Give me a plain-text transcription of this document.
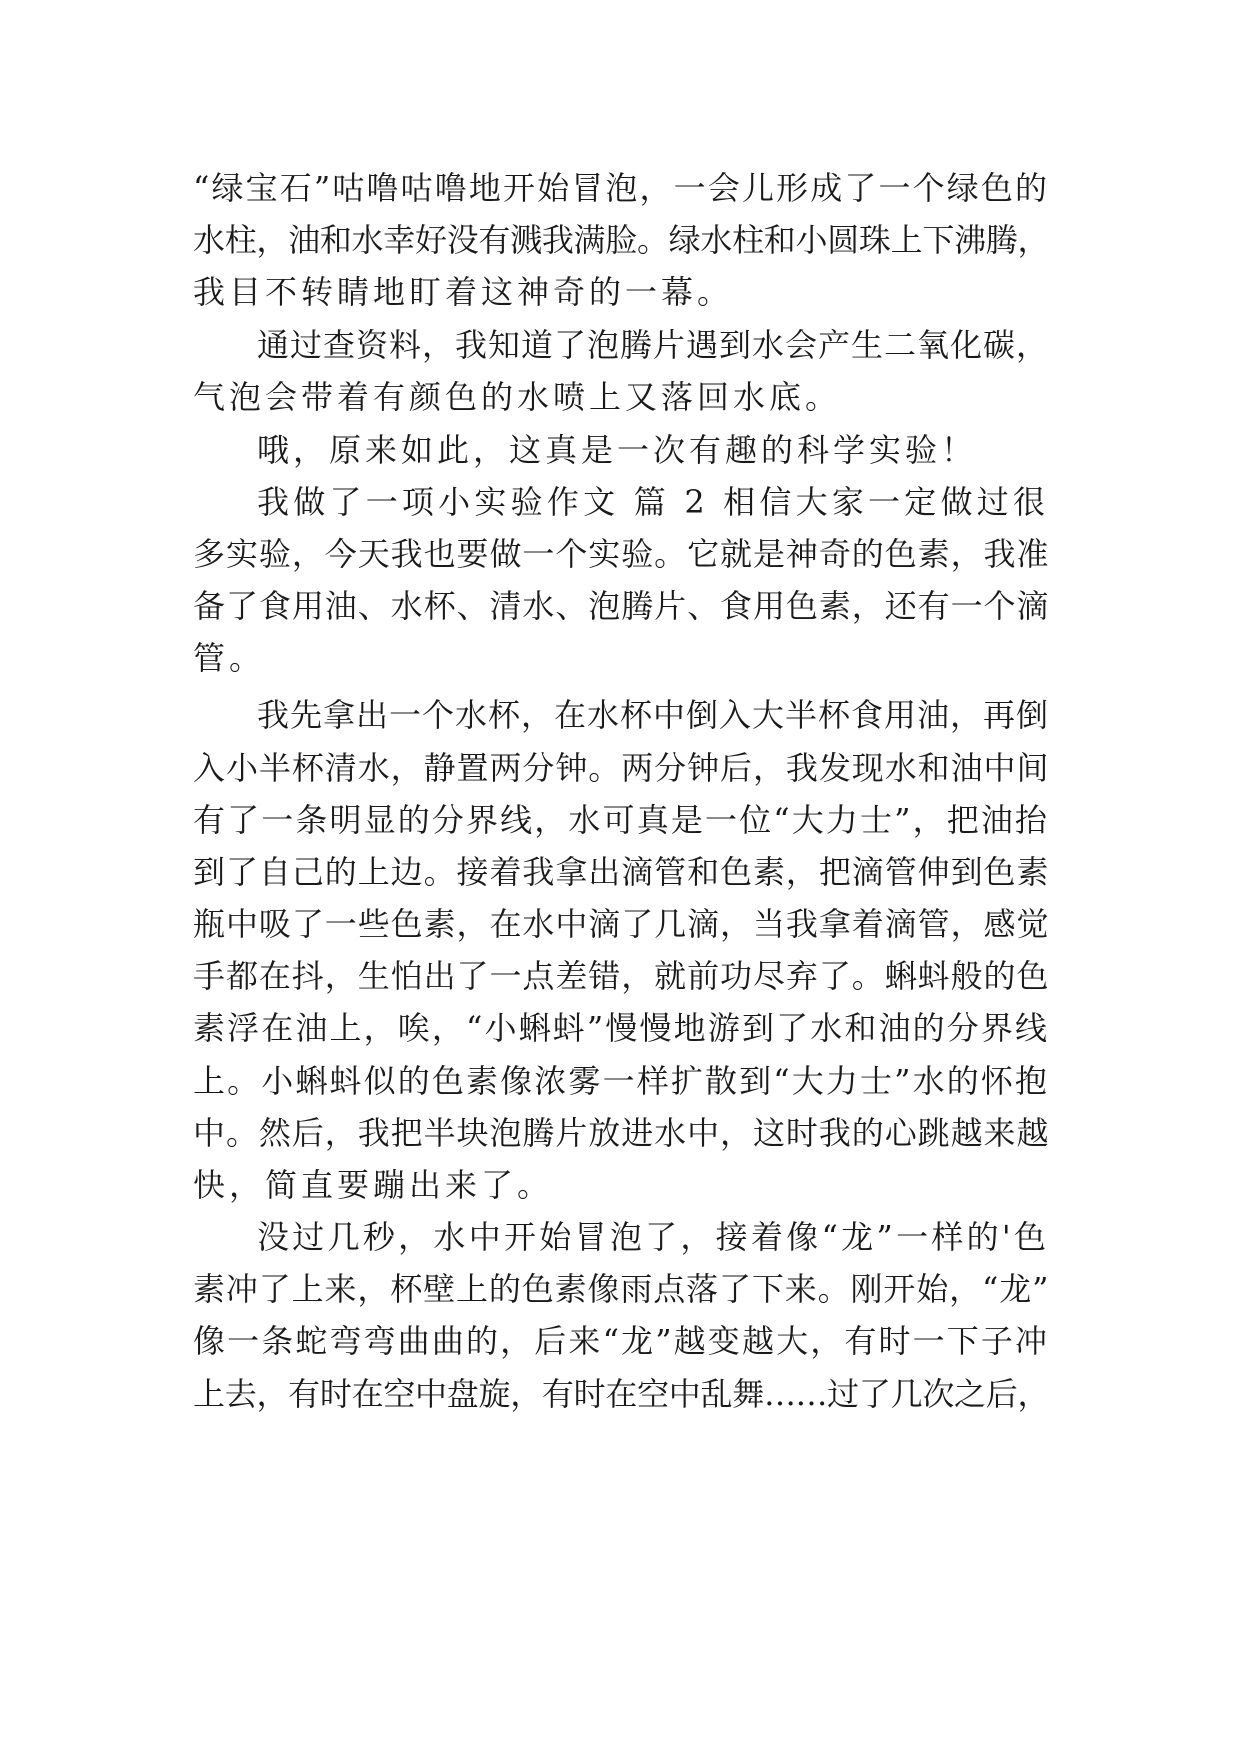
“绿宝石”咕噜咕噜地开始冒泡，一会儿形成了一个绿色的
水柱，油和水幸好没有溅我满脸。绿水柱和小圆珠上下沸腾，
我目不转睛地盯着这神奇的一幕。
通过查资料，我知道了泡腾片遇到水会产生二氧化碳，
气泡会带着有颜色的水喷上又落回水底。
哦，原来如此，这真是一次有趣的科学实验！
我做了一项小实验作文 篇 2 相信大家一定做过很
多实验，今天我也要做一个实验。它就是神奇的色素，我准
备了食用油、水杯、清水、泡腾片、食用色素，还有一个滴
管。
我先拿出一个水杯，在水杯中倒入大半杯食用油，再倒
入小半杯清水，静置两分钟。两分钟后，我发现水和油中间
有了一条明显的分界线，水可真是一位“大力士”，把油抬
到了自己的上边。接着我拿出滴管和色素，把滴管伸到色素
瓶中吸了一些色素，在水中滴了几滴，当我拿着滴管，感觉
手都在抖，生怕出了一点差错，就前功尽弃了。蝌蚪般的色
素浮在油上，唉，“小蝌蚪”慢慢地游到了水和油的分界线
上。小蝌蚪似的色素像浓雾一样扩散到“大力士”水的怀抱
中。然后，我把半块泡腾片放进水中，这时我的心跳越来越
快，简直要蹦出来了。
没过几秒，水中开始冒泡了，接着像“龙”一样的'色
素冲了上来，杯壁上的色素像雨点落了下来。刚开始，“龙”
像一条蛇弯弯曲曲的，后来“龙”越变越大，有时一下子冲
上去，有时在空中盘旋，有时在空中乱舞……过了几次之后，
